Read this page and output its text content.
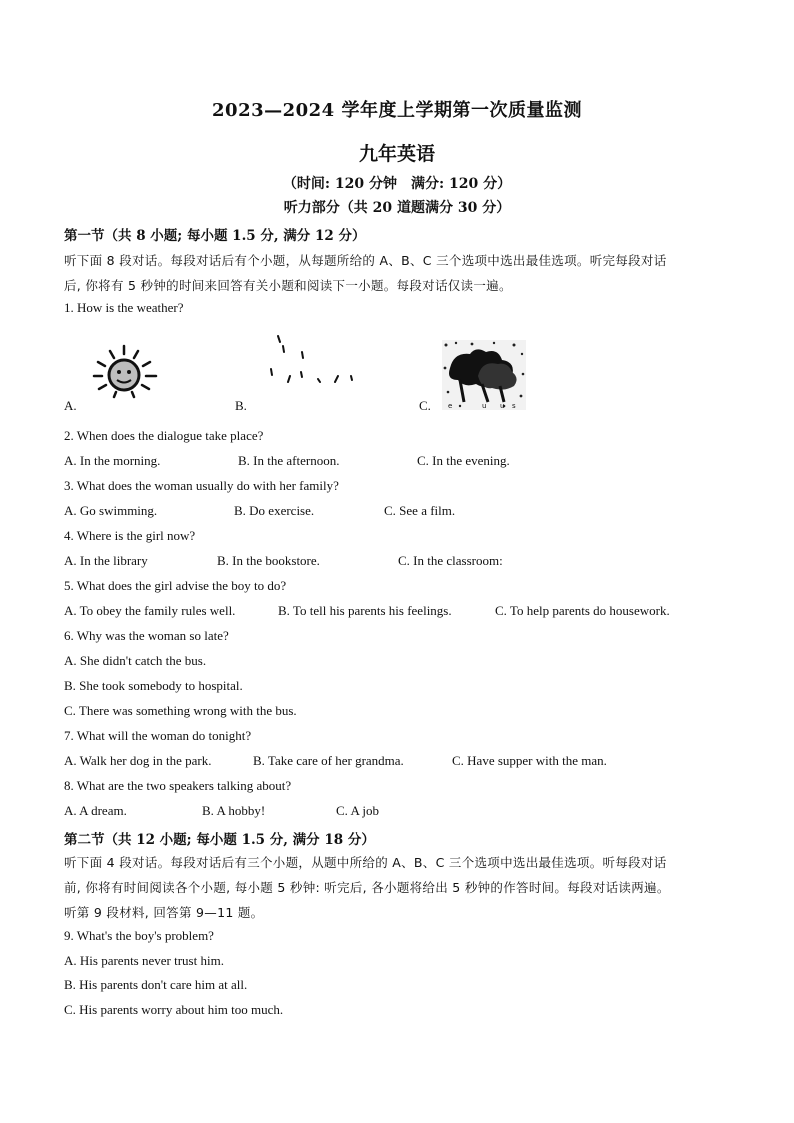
2023—2024 学年度上学期第一次质量监测
九年英语
（时间: 120 分钟　满分: 120 分）
听力部分（共 20 道题满分 30 分）
第一节（共 8 小题; 每小题 1.5 分, 满分 12 分）
听下面 8 段对话。每段对话后有个小题，从每题所给的 A、B、C 三个选项中选出最佳选项。听完每段对话
后, 你将有 5 秒钟的时间来回答有关小题和阅读下一小题。每段对话仅读一遍。
1. How is the weather?
A.	B.	e	u u s
C.
2. When does the dialogue take place?
A. In the morning.	B. In the afternoon.	C. In the evening.
3. What does the woman usually do with her family?
A. Go swimming.	B. Do exercise.	C. See a film.
4. Where is the girl now?
A. In the library	B. In the bookstore.	C. In the classroom:
5. What does the girl advise the boy to do?
A. To obey the family rules well.	B. To tell his parents his feelings.	C. To help parents do housework.
6. Why was the woman so late?
A. She didn't catch the bus.
B. She took somebody to hospital.
C. There was something wrong with the bus.
7. What will the woman do tonight?
A. Walk her dog in the park.	B. Take care of her grandma.	C. Have supper with the man.
8. What are the two speakers talking about?
A. A dream.	B. A hobby!	C. A job
第二节（共 12 小题; 每小题 1.5 分, 满分 18 分）
听下面 4 段对话。每段对话后有三个小题，从题中所给的 A、B、C 三个选项中选出最佳选项。听每段对话
前, 你将有时间阅读各个小题, 每小题 5 秒钟: 听完后, 各小题将给出 5 秒钟的作答时间。每段对话读两遍。
听第 9 段材料, 回答第 9—11 题。
9. What's the boy's problem?
A. His parents never trust him.
B. His parents don't care him at all.
C. His parents worry about him too much.
